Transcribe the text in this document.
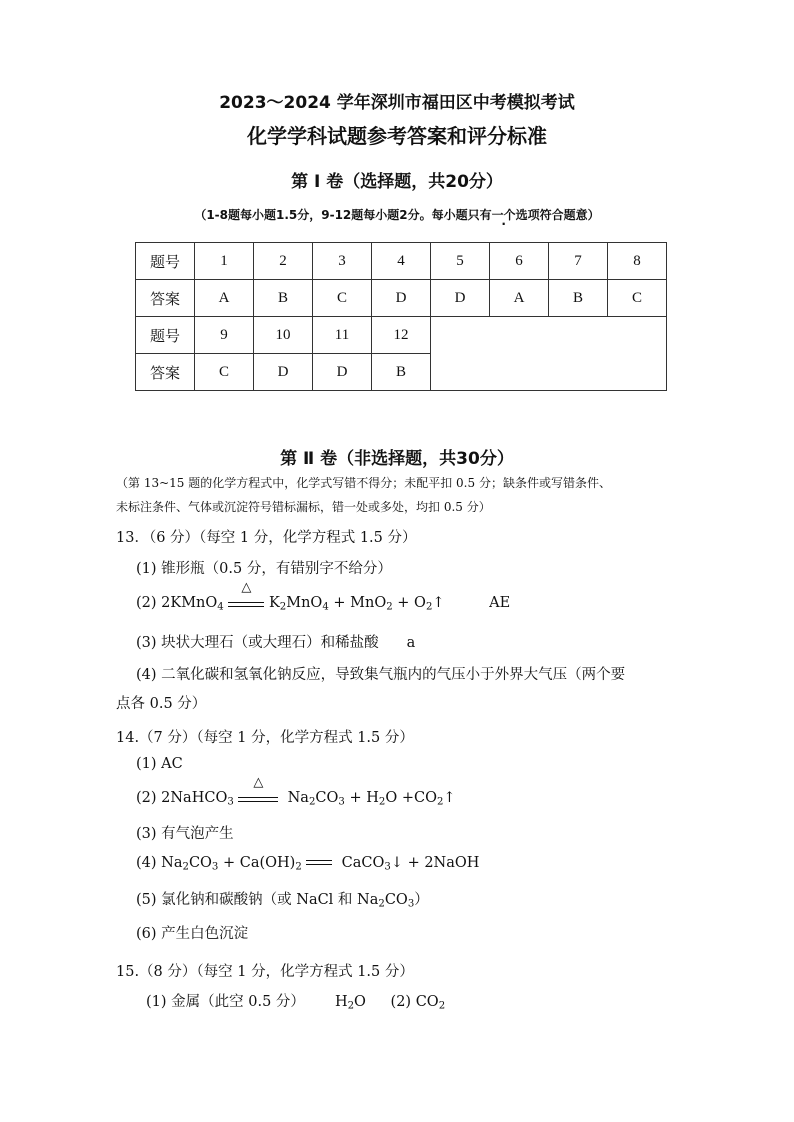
2023～2024 学年深圳市福田区中考模拟考试
化学学科试题参考答案和评分标准
第 Ⅰ 卷（选择题，共20分）
（1-8题每小题1.5分，9-12题每小题2分。每小题只有一个选项符合题意）
题号	1	2	3	4	5	6	7	8
答案	A	B	C	D	D	A	B	C
题号	9	10	11	12				
答案	C	D	D	B				
第 Ⅱ 卷（非选择题，共30分）
（第 13~15 题的化学方程式中，化学式写错不得分；未配平扣 0.5 分；缺条件或写错条件、
未标注条件、气体或沉淀符号错标漏标，错一处或多处，均扣 0.5 分）
13．（6 分）（每空 1 分，化学方程式 1.5 分）
(1) 锥形瓶（0.5 分，有错别字不给分）
(2) 2KMnO$_4$
△
$K_2MnO_4 + MnO_2$ + $O_2↑$	AE
(3) 块状大理石（或大理石）和稀盐酸 a
(4) 二氧化碳和氢氧化钠反应，导致集气瓶内的气压小于外界大气压（两个要
点各 0.5 分）
14.（7 分）（每空 1 分，化学方程式 1.5 分）
(1) AC
(2) 2NaHCO$_3$
△
$Na_2CO_3 + H_2O$ $+CO_2↑$
(3) 有气泡产生
(4) $Na_2CO_3 + Ca(OH)_2$
CaCO$_3$↓ + 2NaOH
(5) 氯化钠和碳酸钠（或 NaCl 和 $Na_2CO_3$）
(6) 产生白色沉淀
15.（8 分）（每空 1 分，化学方程式 1.5 分）
(1) 金属（此空 0.5 分） $H_2O$ (2) $CO_2$
